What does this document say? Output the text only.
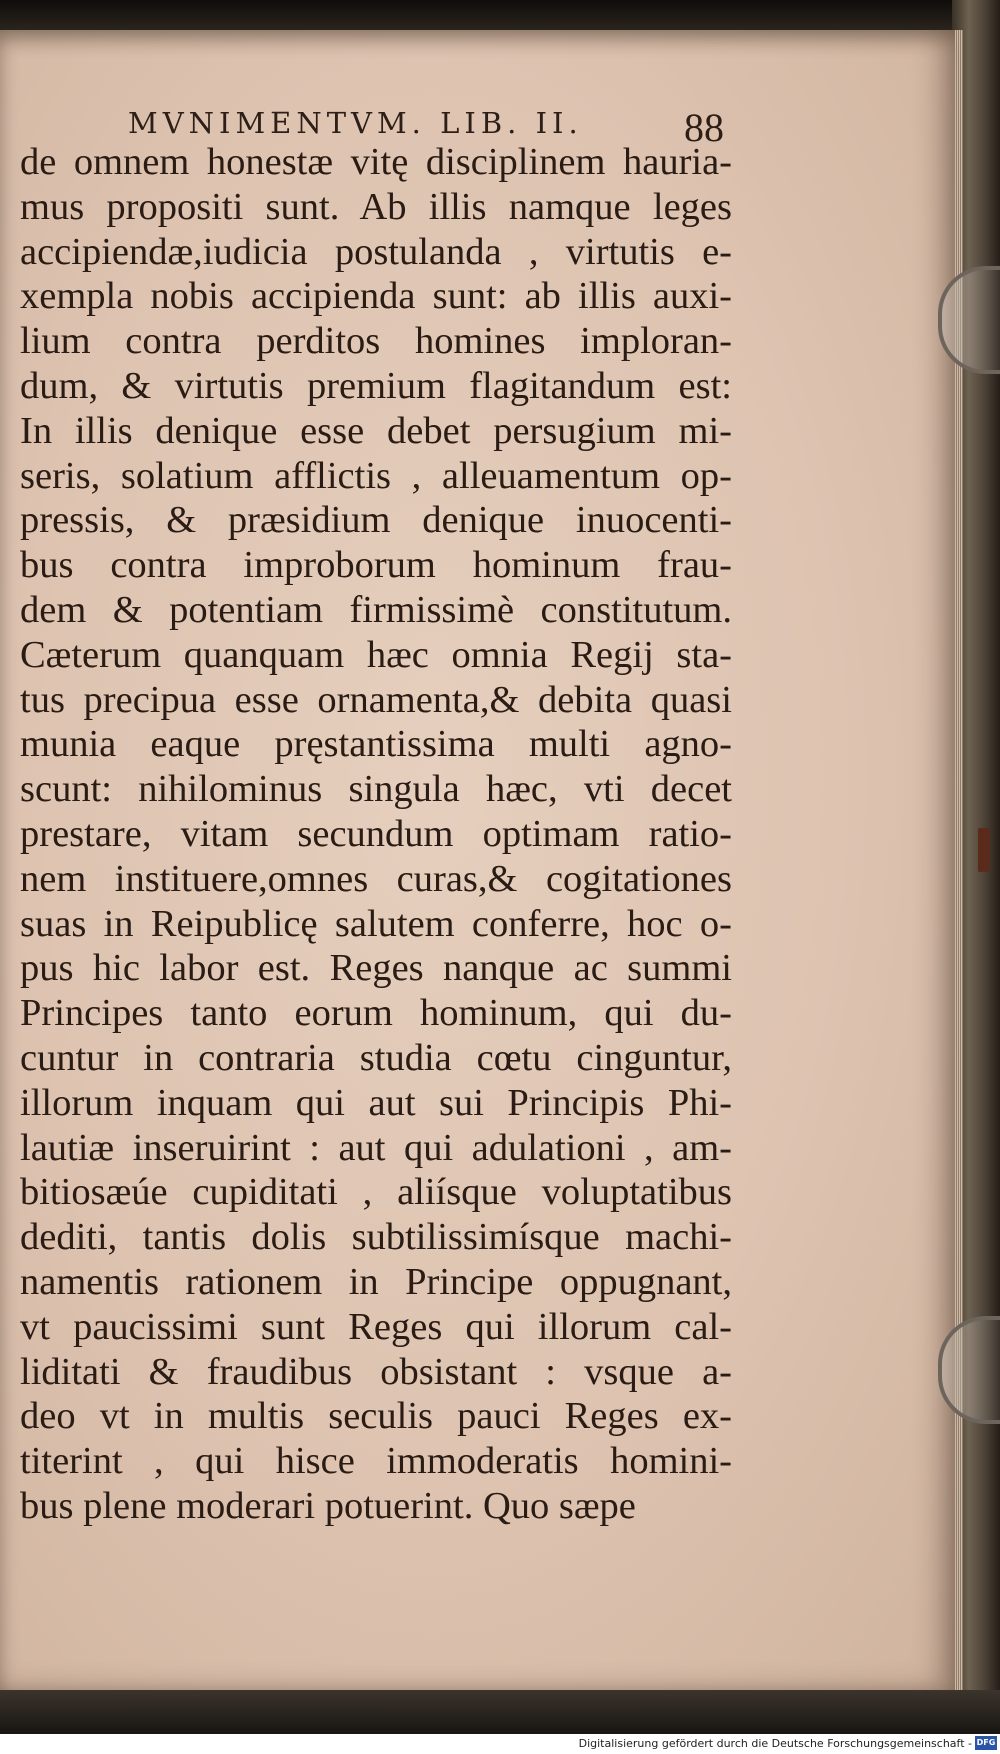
MVNIMENTVM. LIB. II.	88
de omnem honestæ vitę disciplinem hauria-
mus propositi sunt. Ab illis namque leges
accipiendæ,iudicia postulanda , virtutis e-
xempla nobis accipienda sunt: ab illis auxi-
lium contra perditos homines imploran-
dum, & virtutis premium flagitandum est:
In illis denique esse debet persugium mi-
seris, solatium afflictis , alleuamentum op-
pressis, & præsidium denique inuocenti-
bus contra improborum hominum frau-
dem & potentiam firmissimè constitutum.
Cæterum quanquam hæc omnia Regij sta-
tus precipua esse ornamenta,& debita quasi
munia eaque pręstantissima multi agno-
scunt: nihilominus singula hæc, vti decet
prestare, vitam secundum optimam ratio-
nem instituere,omnes curas,& cogitationes
suas in Reipublicę salutem conferre, hoc o-
pus hic labor est. Reges nanque ac summi
Principes tanto eorum hominum, qui du-
cuntur in contraria studia cœtu cinguntur,
illorum inquam qui aut sui Principis Phi-
lautiæ inseruirint : aut qui adulationi , am-
bitiosæúe cupiditati , aliísque voluptatibus
dediti, tantis dolis subtilissimísque machi-
namentis rationem in Principe oppugnant,
vt paucissimi sunt Reges qui illorum cal-
liditati & fraudibus obsistant : vsque a-
deo vt in multis seculis pauci Reges ex-
titerint , qui hisce immoderatis homini-
bus plene moderari potuerint. Quo sæpe
Digitalisierung gefördert durch die Deutsche Forschungsgemeinschaft - DFG
